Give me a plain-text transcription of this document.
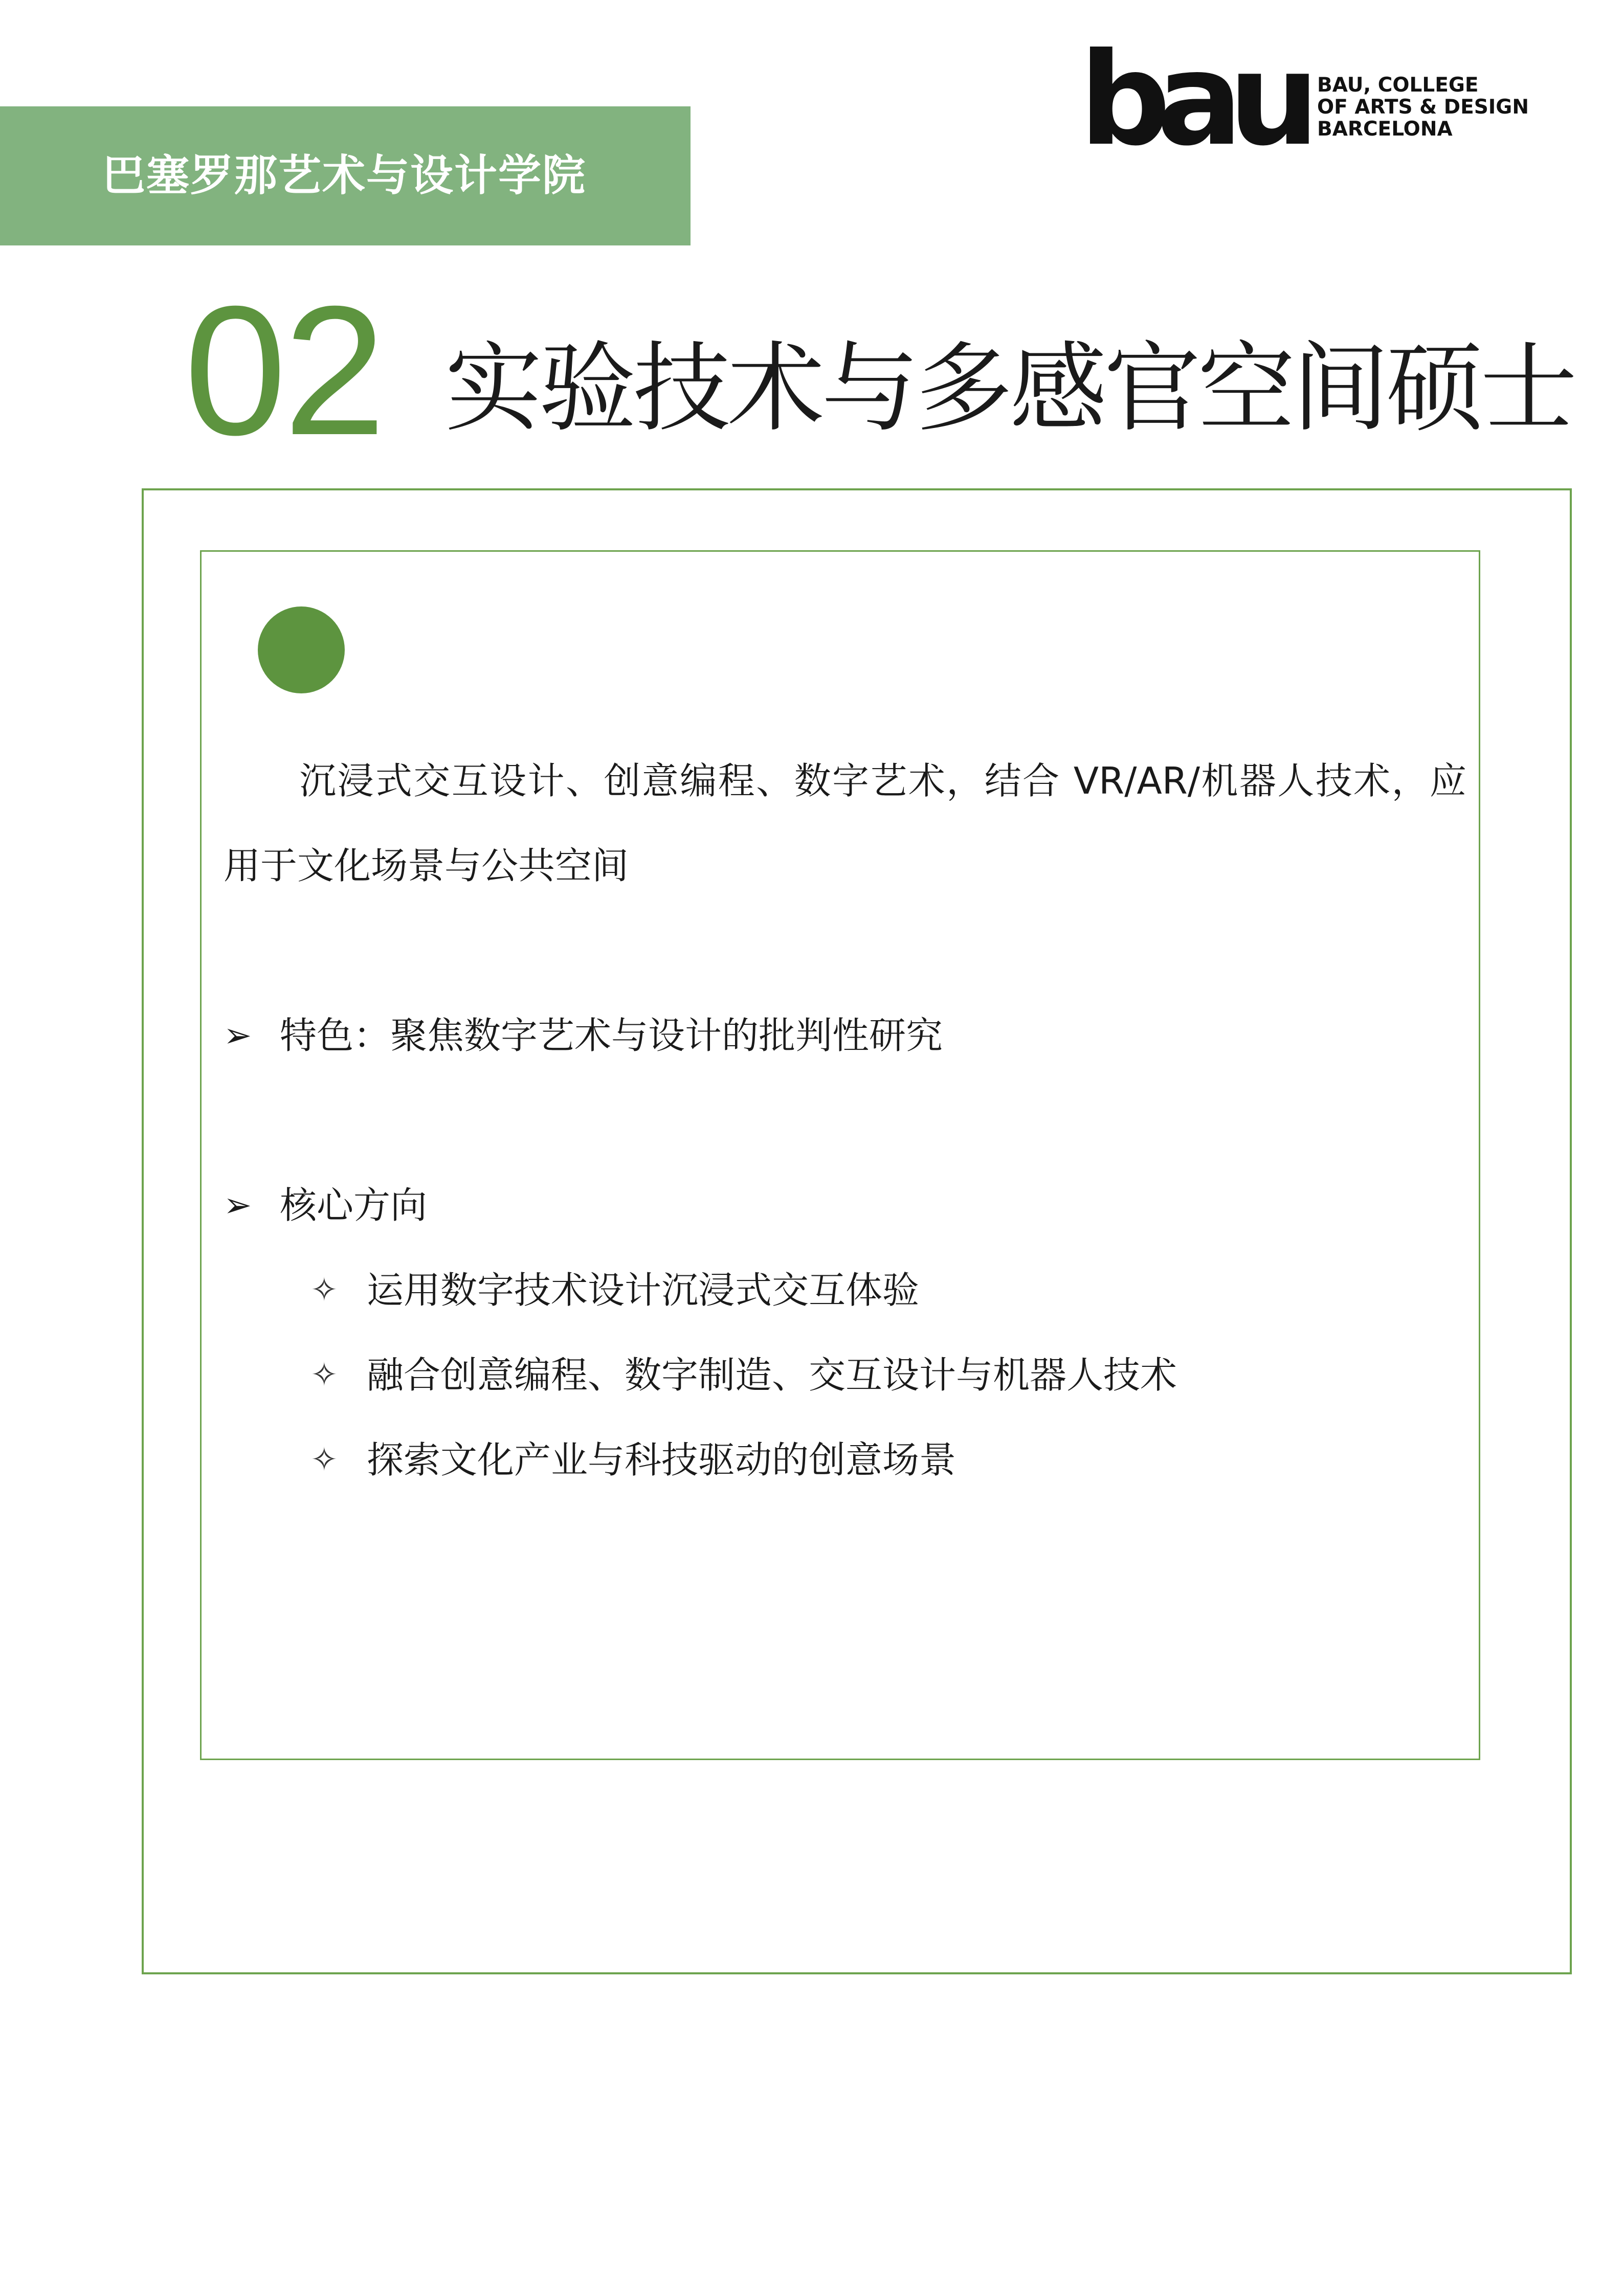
巴塞罗那艺术与设计学院
bau BAU, COLLEGE
OF ARTS & DESIGN
BARCELONA
02 实验技术与多感官空间硕士

沉浸式交互设计、创意编程、数字艺术，结合 VR/AR/机器人技术，应用于文化场景与公共空间

➢ 特色：聚焦数字艺术与设计的批判性研究
➢ 核心方向
✧ 运用数字技术设计沉浸式交互体验
✧ 融合创意编程、数字制造、交互设计与机器人技术
✧ 探索文化产业与科技驱动的创意场景
